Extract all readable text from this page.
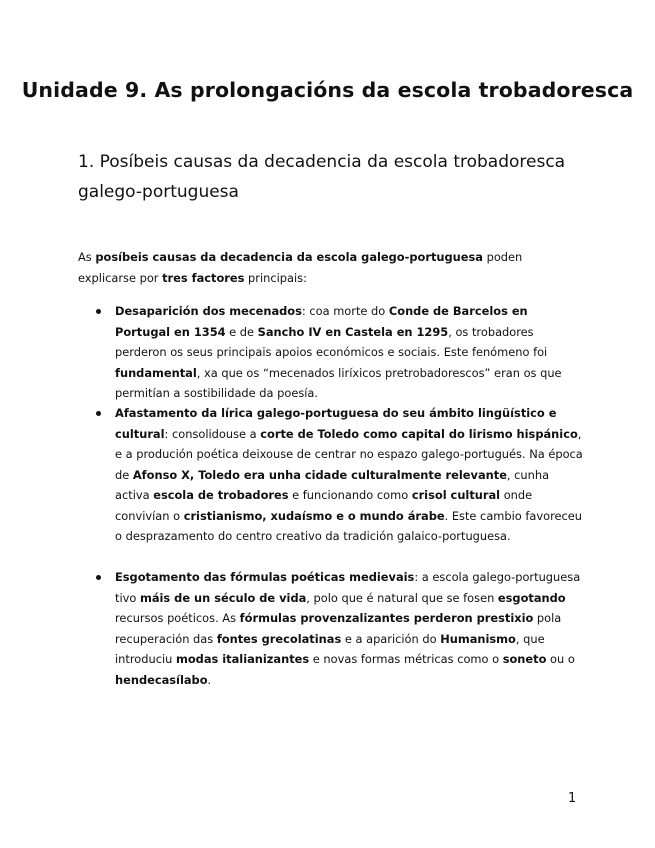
Unidade 9. As prolongacións da escola trobadoresca
1. Posíbeis causas da decadencia da escola trobadoresca galego-portuguesa

As posíbeis causas da decadencia da escola galego-portuguesa poden explicarse por tres factores principais:

Desaparición dos mecenados: coa morte do Conde de Barcelos en Portugal en 1354 e de Sancho IV en Castela en 1295, os trobadores perderon os seus principais apoios económicos e sociais. Este fenómeno foi fundamental, xa que os “mecenados liríxicos pretrobadorescos” eran os que permitían a sostibilidade da poesía.
Afastamento da lírica galego-portuguesa do seu ámbito lingüístico e cultural: consolidouse a corte de Toledo como capital do lirismo hispánico, e a produción poética deixouse de centrar no espazo galego-portugués. Na época de Afonso X, Toledo era unha cidade culturalmente relevante, cunha activa escola de trobadores e funcionando como crisol cultural onde convivían o cristianismo, xudaísmo e o mundo árabe. Este cambio favoreceu o desprazamento do centro creativo da tradición galaico-portuguesa.
Esgotamento das fórmulas poéticas medievais: a escola galego-portuguesa tivo máis de un século de vida, polo que é natural que se fosen esgotando recursos poéticos. As fórmulas provenzalizantes perderon prestixio pola recuperación das fontes grecolatinas e a aparición do Humanismo, que introduciu modas italianizantes e novas formas métricas como o soneto ou o hendecasílabo.
1
